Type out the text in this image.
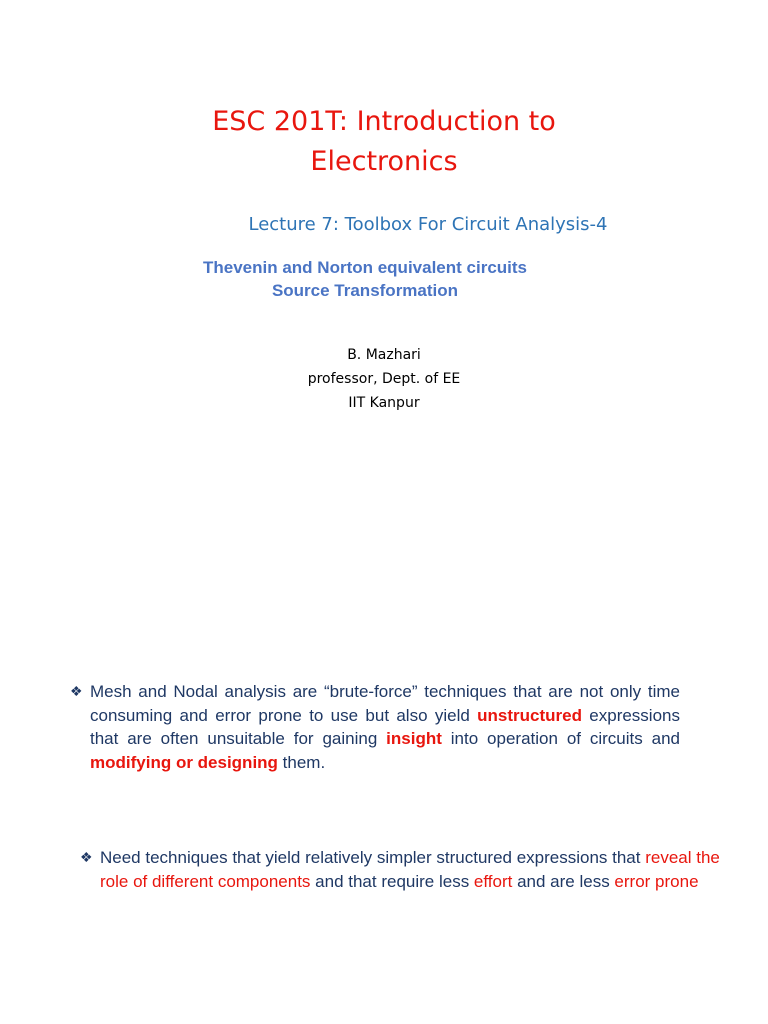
ESC 201T: Introduction to
Electronics
Lecture 7: Toolbox For Circuit Analysis-4
Thevenin and Norton equivalent circuits
Source Transformation
B. Mazhari
professor, Dept. of EE
IIT Kanpur
❖ Mesh and Nodal analysis are “brute-force” techniques that are not only time consuming and error prone to use but also yield unstructured expressions that are often unsuitable for gaining insight into operation of circuits and modifying or designing them.
❖ Need techniques that yield relatively simpler structured expressions that reveal the role of different components and that require less effort and are less error prone
